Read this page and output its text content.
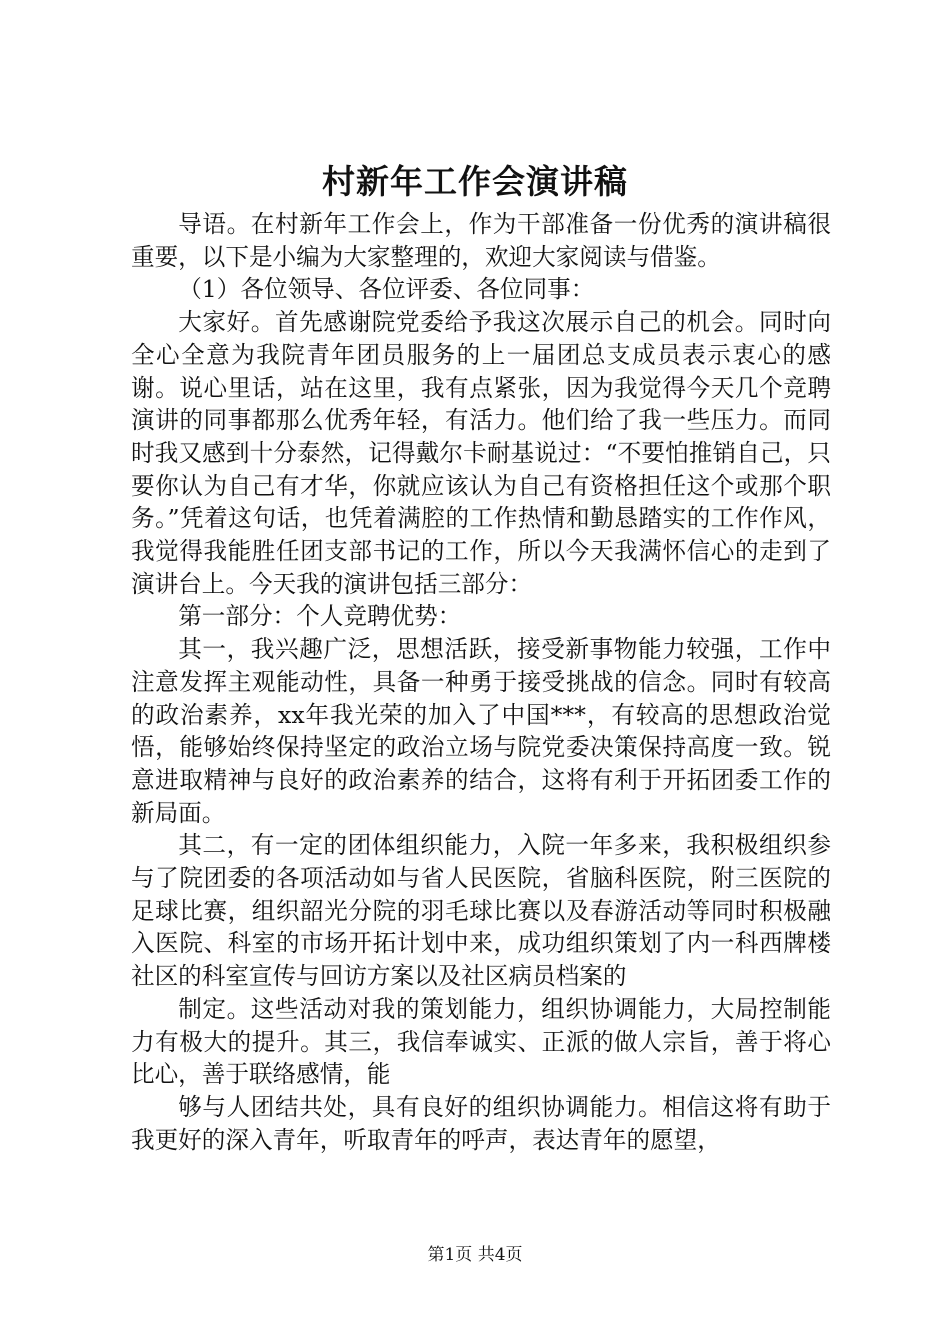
村新年工作会演讲稿

导语。在村新年工作会上，作为干部准备一份优秀的演讲稿很重要，以下是小编为大家整理的，欢迎大家阅读与借鉴。

（1）各位领导、各位评委、各位同事：

大家好。首先感谢院党委给予我这次展示自己的机会。同时向全心全意为我院青年团员服务的上一届团总支成员表示衷心的感谢。说心里话，站在这里，我有点紧张，因为我觉得今天几个竞聘演讲的同事都那么优秀年轻，有活力。他们给了我一些压力。而同时我又感到十分泰然，记得戴尔卡耐基说过：“不要怕推销自己，只要你认为自己有才华，你就应该认为自己有资格担任这个或那个职务。”凭着这句话，也凭着满腔的工作热情和勤恳踏实的工作作风，我觉得我能胜任团支部书记的工作，所以今天我满怀信心的走到了演讲台上。今天我的演讲包括三部分：

第一部分：个人竞聘优势：

其一，我兴趣广泛，思想活跃，接受新事物能力较强，工作中注意发挥主观能动性，具备一种勇于接受挑战的信念。同时有较高的政治素养，xx年我光荣的加入了中国***，有较高的思想政治觉悟，能够始终保持坚定的政治立场与院党委决策保持高度一致。锐意进取精神与良好的政治素养的结合，这将有利于开拓团委工作的新局面。

其二，有一定的团体组织能力，入院一年多来，我积极组织参与了院团委的各项活动如与省人民医院，省脑科医院，附三医院的足球比赛，组织韶光分院的羽毛球比赛以及春游活动等同时积极融入医院、科室的市场开拓计划中来，成功组织策划了内一科西牌楼社区的科室宣传与回访方案以及社区病员档案的

制定。这些活动对我的策划能力，组织协调能力，大局控制能力有极大的提升。其三，我信奉诚实、正派的做人宗旨，善于将心比心，善于联络感情，能

够与人团结共处，具有良好的组织协调能力。相信这将有助于我更好的深入青年，听取青年的呼声，表达青年的愿望，

第1页 共4页
